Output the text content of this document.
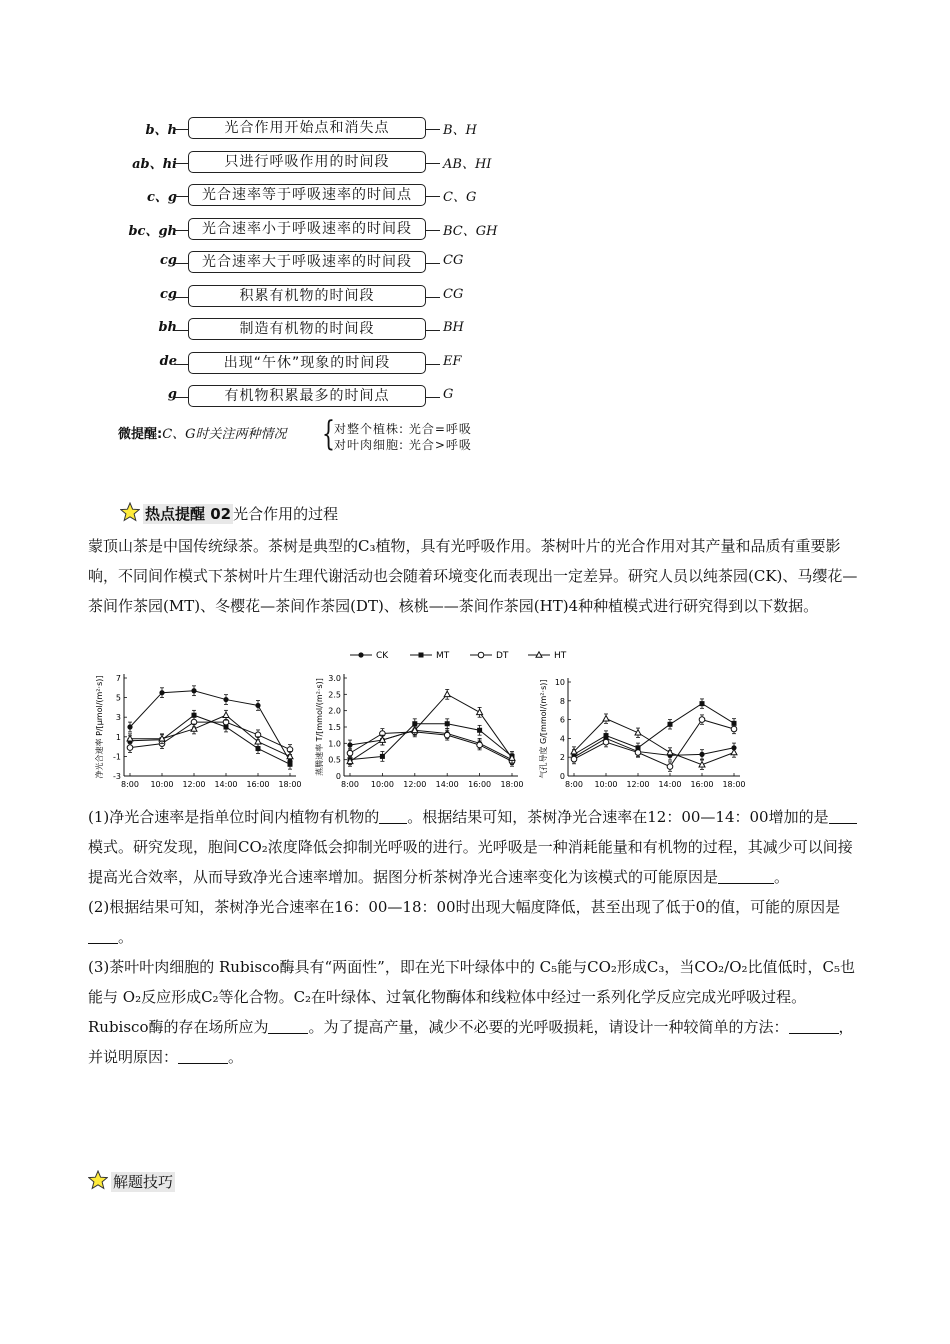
b、h	光合作用开始点和消失点	B、H
ab、hi	只进行呼吸作用的时间段	AB、HI
c、g	光合速率等于呼吸速率的时间点	C、G
bc、gh	光合速率小于呼吸速率的时间段	BC、GH
cg	光合速率大于呼吸速率的时间段	CG
cg	积累有机物的时间段	CG
bh	制造有机物的时间段	BH
de	出现“午休”现象的时间段	EF
g	有机物积累最多的时间点	G
微提醒:C、G时关注两种情况 { 对整个植株: 光合=呼吸
对叶肉细胞: 光合>呼吸
热点提醒 02 光合作用的过程

蒙顶山茶是中国传统绿茶。茶树是典型的C₃植物，具有光呼吸作用。茶树叶片的光合作用对其产量和品质有重要影响，不同间作模式下茶树叶片生理代谢活动也会随着环境变化而表现出一定差异。研究人员以纯茶园(CK)、马缨花—茶间作茶园(MT)、冬樱花—茶间作茶园(DT)、核桃——茶间作茶园(HT)4种种植模式进行研究得到以下数据。

CK	MT	DT	HT
-3
-1
1
3
5
7
8:00 10:00 12:00 14:00 16:00 18:00
净光合速率 P/[μmol/(m²·s)]	0
0.5
1.0
1.5
2.0
2.5
3.0
8:00 10:00 12:00 14:00 16:00 18:00
蒸腾速率 T/[mmol/(m²·s)]
0
2
4
6
8
10
8:00 10:00 12:00 14:00 16:00 18:00
气孔导度 G/[mmol/(m²·s)]

(1)净光合速率是指单位时间内植物有机物的 。根据结果可知，茶树净光合速率在12：00—14：00增加的是模式。研究发现，胞间CO₂浓度降低会抑制光呼吸的进行。光呼吸是一种消耗能量和有机物的过程，其减少可以间接提高光合效率，从而导致净光合速率增加。据图分析茶树净光合速率变化为该模式的可能原因是	。

(2)根据结果可知，茶树净光合速率在16：00—18：00时出现大幅度降低，甚至出现了低于0的值，可能的原因是。

(3)茶叶叶肉细胞的 Rubisco酶具有“两面性”，即在光下叶绿体中的 C₅能与CO₂形成C₃，当CO₂/O₂比值低时，C₅也能与 O₂反应形成C₂等化合物。C₂在叶绿体、过氧化物酶体和线粒体中经过一系列化学反应完成光呼吸过程。Rubisco酶的存在场所应为	。为了提高产量，减少不必要的光呼吸损耗，请设计一种较简单的方法：	，并说明原因：	。

解题技巧
